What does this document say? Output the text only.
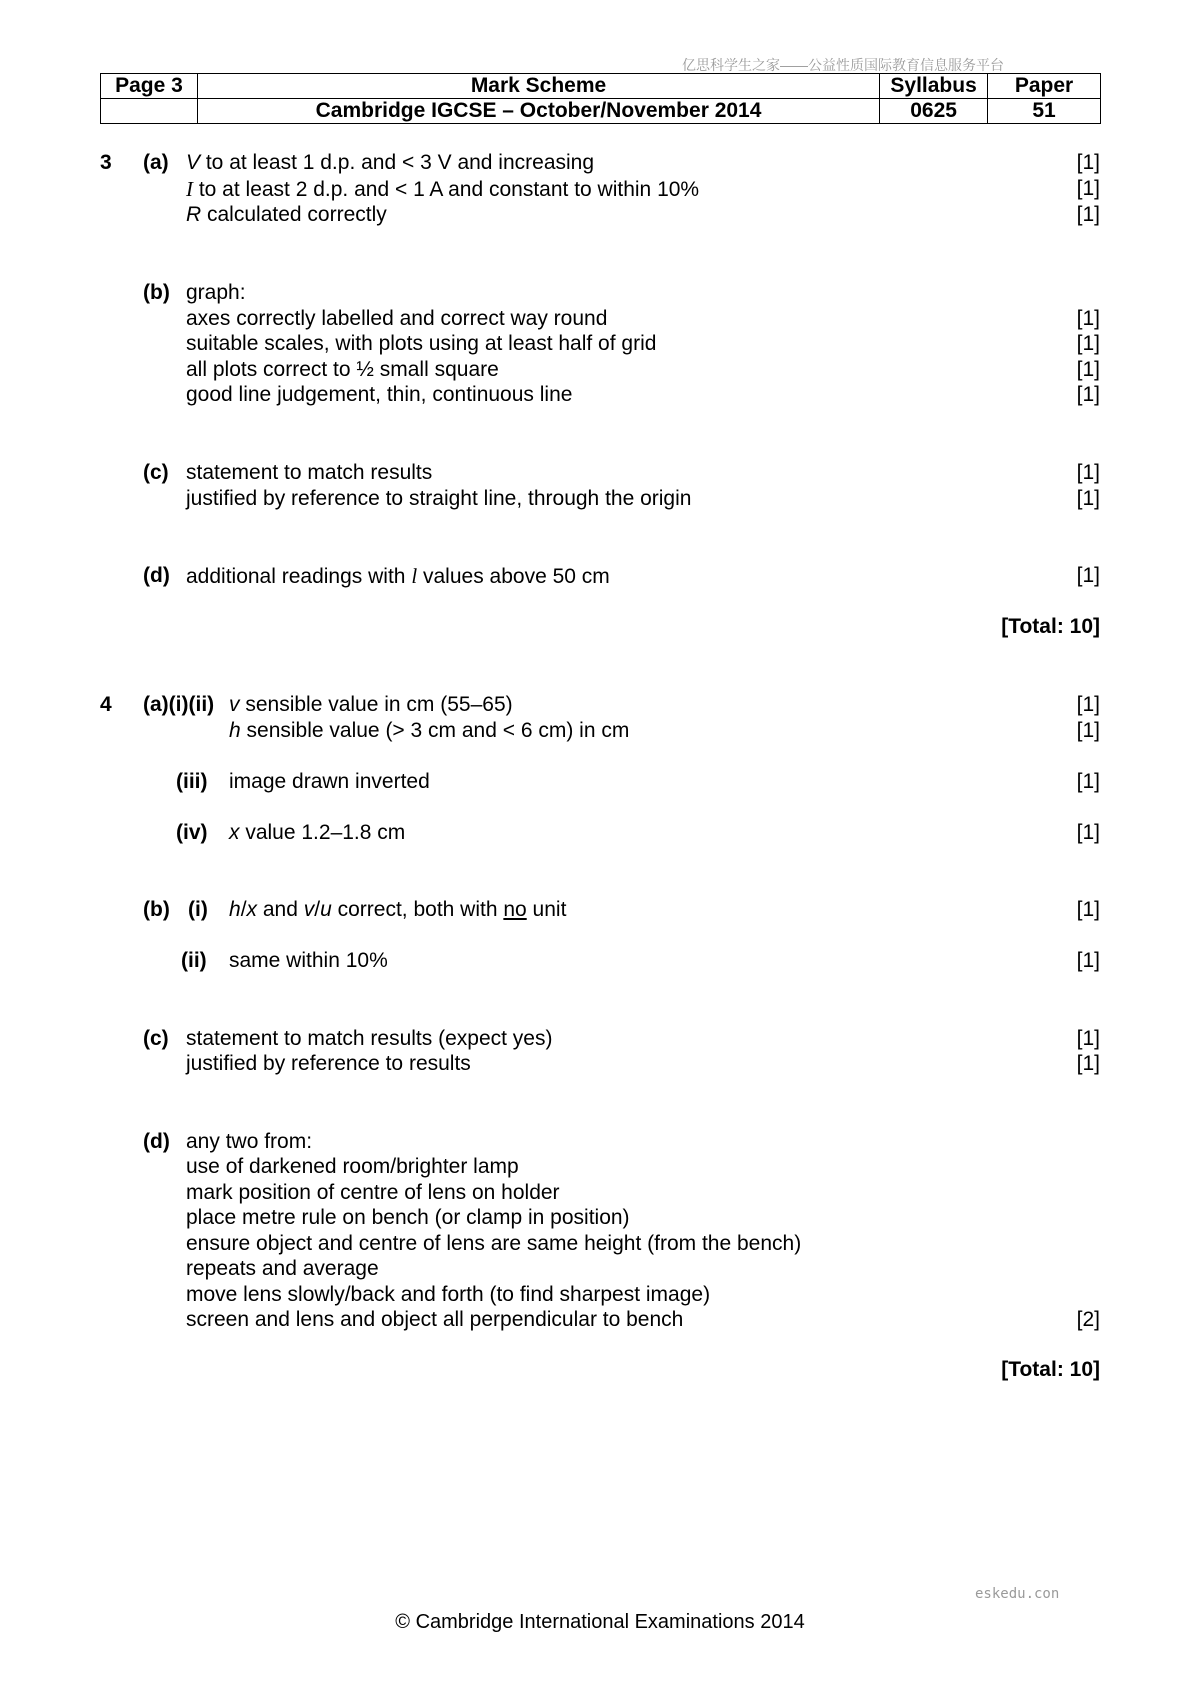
亿思科学生之家——公益性质国际教育信息服务平台
Page 3	Mark Scheme	Syllabus	Paper
	Cambridge IGCSE – October/November 2014	0625	51
3 (a) V to at least 1 d.p. and < 3 V and increasing	[1]
I to at least 2 d.p. and < 1 A and constant to within 10%	[1]
R calculated correctly	[1]
(b) graph:
axes correctly labelled and correct way round	[1]
suitable scales, with plots using at least half of grid	[1]
all plots correct to ½ small square	[1]
good line judgement, thin, continuous line	[1]
(c) statement to match results	[1]
justified by reference to straight line, through the origin	[1]
(d) additional readings with l values above 50 cm	[1]
[Total: 10]
4 (a)(i)(ii) v sensible value in cm (55–65)	[1]
h sensible value (> 3 cm and < 6 cm) in cm	[1]
(iii) image drawn inverted	[1]
(iv) x value 1.2–1.8 cm	[1]
(b) (i) h/x and v/u correct, both with no unit	[1]
(ii) same within 10%	[1]
(c) statement to match results (expect yes)	[1]
justified by reference to results	[1]
(d) any two from:
use of darkened room/brighter lamp
mark position of centre of lens on holder
place metre rule on bench (or clamp in position)
ensure object and centre of lens are same height (from the bench)
repeats and average
move lens slowly/back and forth (to find sharpest image)
screen and lens and object all perpendicular to bench	[2]
[Total: 10]
eskedu.con
© Cambridge International Examinations 2014
